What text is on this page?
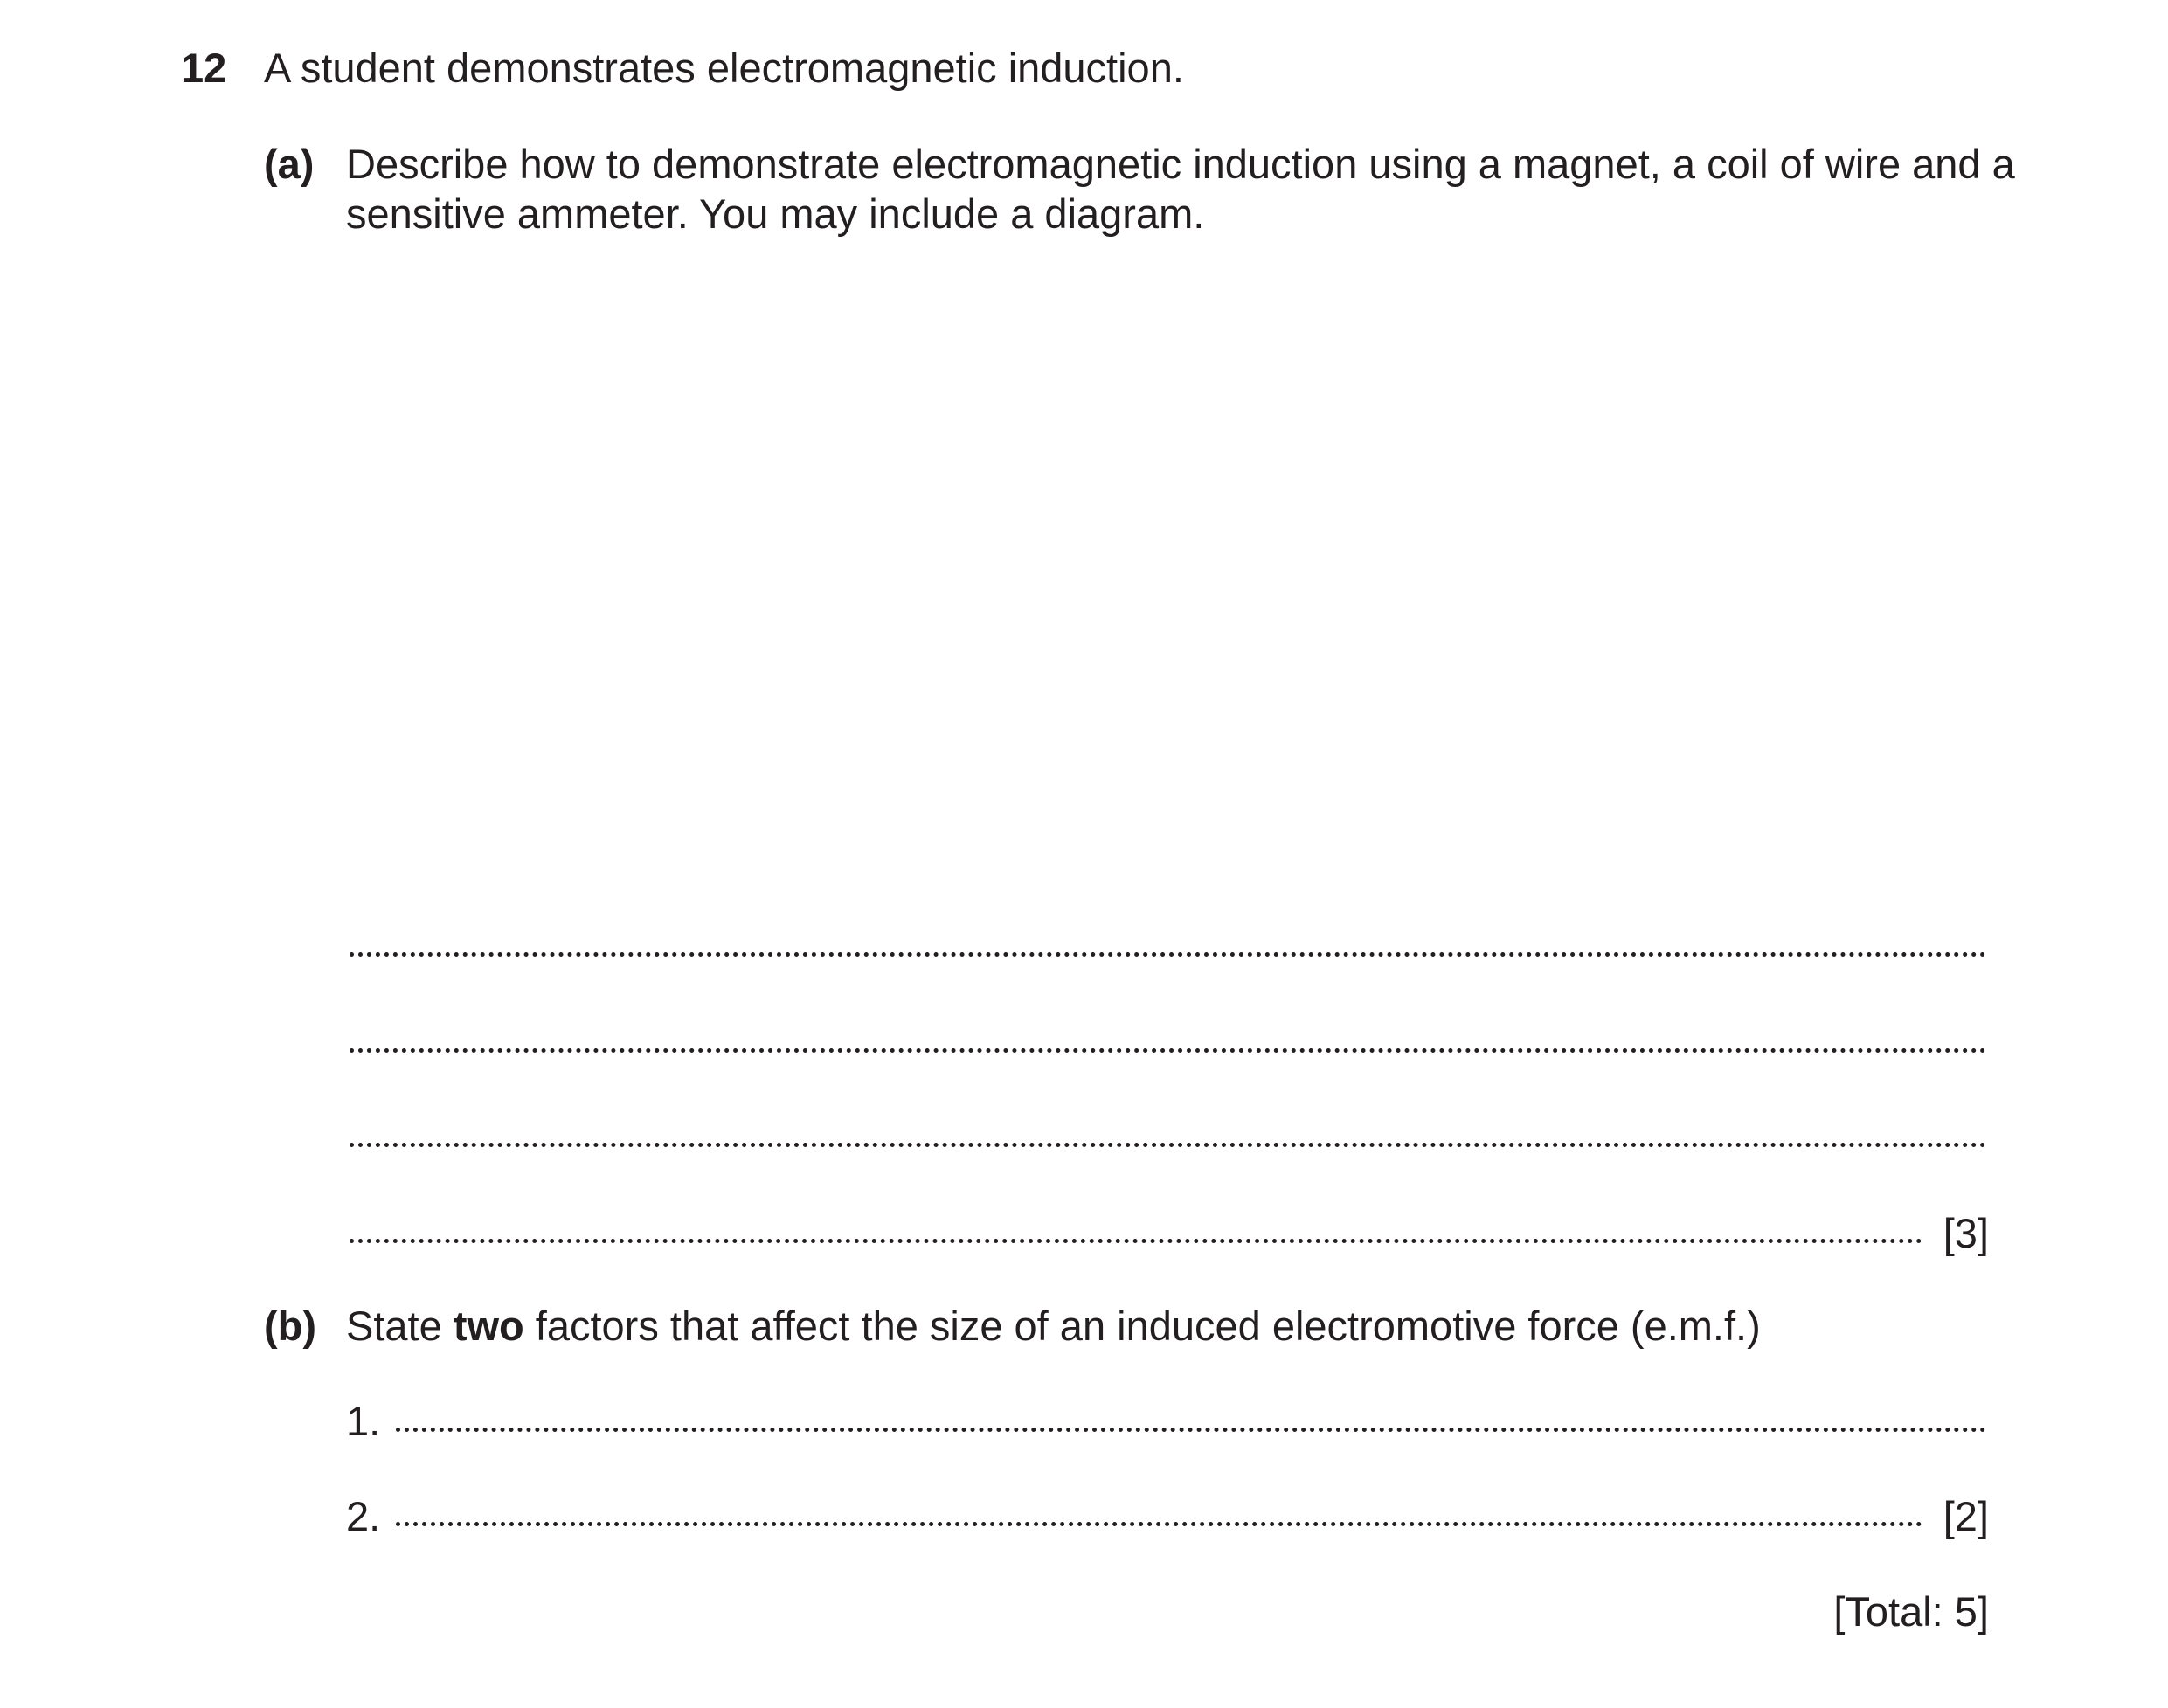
12 A student demonstrates electromagnetic induction.
(a) Describe how to demonstrate electromagnetic induction using a magnet, a coil of wire and a
sensitive ammeter. You may include a diagram.
[3]
(b) State two factors that affect the size of an induced electromotive force (e.m.f.)
1.
2.	[2]
[Total: 5]
